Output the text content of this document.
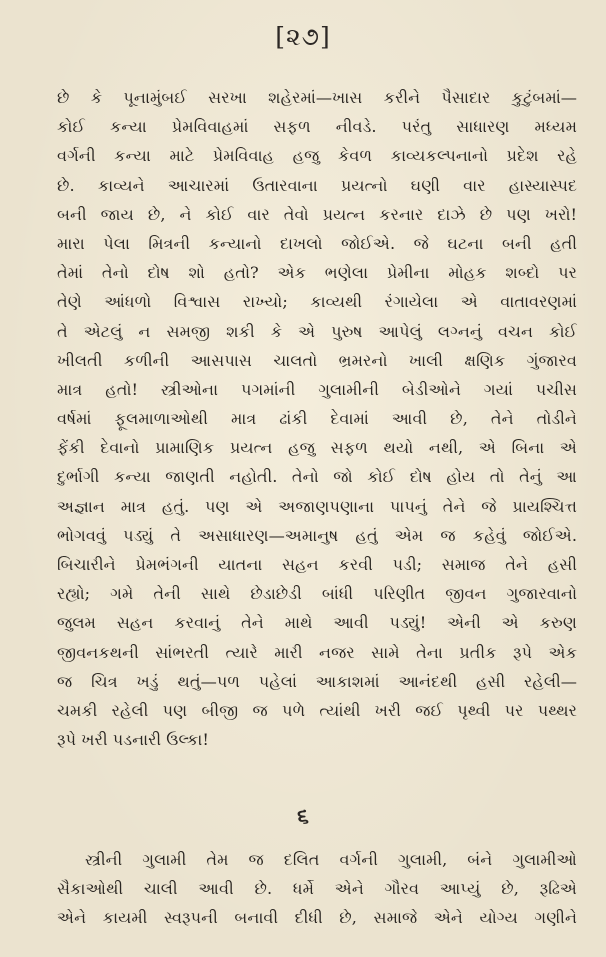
[૨૭]
છે કે પૂનામુંબઈ સરખા શહેરમાં—ખાસ કરીને પૈસાદાર કુટુંબમાં—
કોઈ કન્યા પ્રેમવિવાહમાં સફળ નીવડે. પરંતુ સાધારણ મધ્યમ
વર્ગની કન્યા માટે પ્રેમવિવાહ હજુ કેવળ કાવ્યકલ્પનાનો પ્રદેશ રહે
છે. કાવ્યને આચારમાં ઉતારવાના પ્રયત્નો ઘણી વાર હાસ્યાસ્પદ
બની જાય છે, ને કોઈ વાર તેવો પ્રયત્ન કરનાર દાઝે છે પણ ખરો!
મારા પેલા મિત્રની કન્યાનો દાખલો જોઈએ. જે ઘટના બની હતી
તેમાં તેનો દોષ શો હતો? એક ભણેલા પ્રેમીના મોહક શબ્દો પર
તેણે આંધળો વિશ્વાસ રાખ્યો; કાવ્યથી રંગાયેલા એ વાતાવરણમાં
તે એટલું ન સમજી શકી કે એ પુરુષ આપેલું લગ્નનું વચન કોઈ
ખીલતી કળીની આસપાસ ચાલતો ભ્રમરનો ખાલી ક્ષણિક ગુંજારવ
માત્ર હતો! સ્ત્રીઓના પગમાંની ગુલામીની બેડીઓને ગયાં પચીસ
વર્ષમાં ફૂલમાળાઓથી માત્ર ઢાંકી દેવામાં આવી છે, તેને તોડીને
ફેંકી દેવાનો પ્રામાણિક પ્રયત્ન હજુ સફળ થયો નથી, એ બિના એ
દુર્ભાગી કન્યા જાણતી નહોતી. તેનો જો કોઈ દોષ હોય તો તેનું આ
અજ્ઞાન માત્ર હતું. પણ એ અજાણપણાના પાપનું તેને જે પ્રાયશ્ચિત્ત
ભોગવવું પડ્યું તે અસાધારણ—અમાનુષ હતું એમ જ કહેવું જોઈએ.
બિચારીને પ્રેમભંગની યાતના સહન કરવી પડી; સમાજ તેને હસી
રહ્યો; ગમે તેની સાથે છેડાછેડી બાંધી પરિણીત જીવન ગુજારવાનો
જુલમ સહન કરવાનું તેને માથે આવી પડ્યું! એની એ કરુણ
જીવનકથની સાંભરતી ત્યારે મારી નજર સામે તેના પ્રતીક રૂપે એક
જ ચિત્ર ખડું થતું—પળ પહેલાં આકાશમાં આનંદથી હસી રહેલી—
ચમકી રહેલી પણ બીજી જ પળે ત્યાંથી ખરી જઈ પૃથ્વી પર પથ્થર
રૂપે ખરી પડનારી ઉલ્કા!
૬
સ્ત્રીની ગુલામી તેમ જ દલિત વર્ગની ગુલામી, બંને ગુલામીઓ
સૈકાઓથી ચાલી આવી છે. ધર્મે એને ગૌરવ આપ્યું છે, રૂઢિએ
એને કાયમી સ્વરૂપની બનાવી દીધી છે, સમાજે એને યોગ્ય ગણીને
